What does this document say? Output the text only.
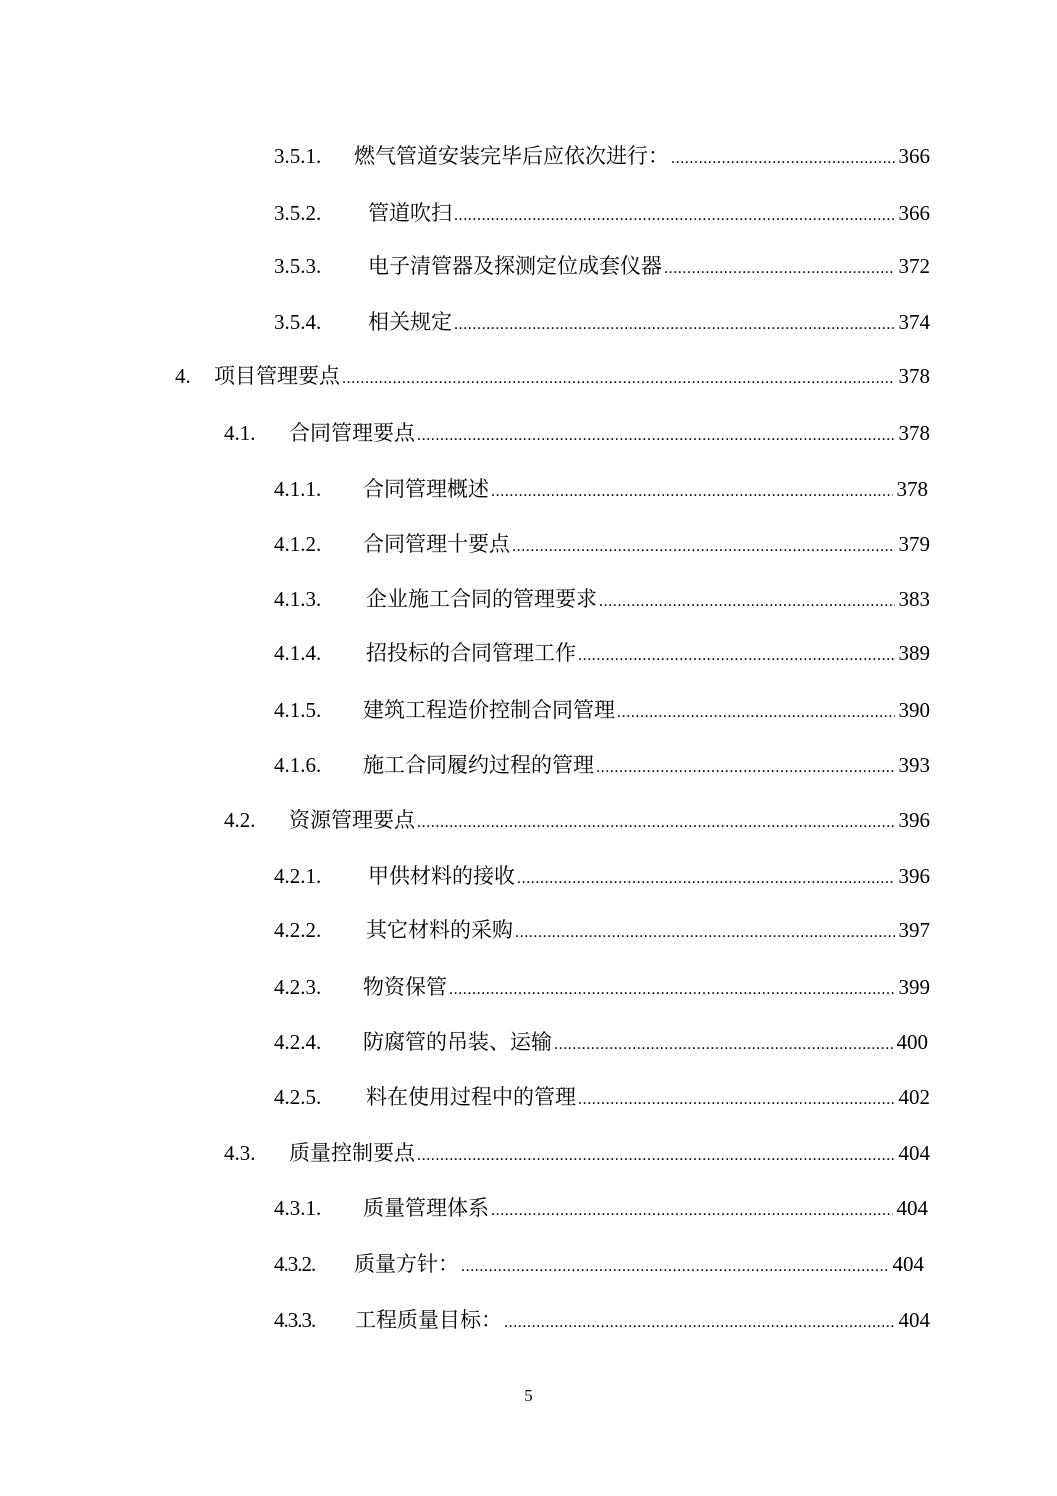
3.5.1.	燃气管道安装完毕后应依次进行： .....	366
3.5.2.	管道吹扫 .....	366
3.5.3.	电子清管器及探测定位成套仪器 .....	372
3.5.4.	相关规定 .....	374
4.	项目管理要点 .....	378
4.1.	合同管理要点 .....	378
4.1.1.	合同管理概述 .....	378
4.1.2.	合同管理十要点 .....	379
4.1.3.	企业施工合同的管理要求 .....	383
4.1.4.	招投标的合同管理工作 .....	389
4.1.5.	建筑工程造价控制合同管理 .....	390
4.1.6.	施工合同履约过程的管理 .....	393
4.2.	资源管理要点 .....	396
4.2.1.	甲供材料的接收 .....	396
4.2.2.	其它材料的采购 .....	397
4.2.3.	物资保管 .....	399
4.2.4.	防腐管的吊装、运输 .....	400
4.2.5.	料在使用过程中的管理 .....	402
4.3.	质量控制要点 .....	404
4.3.1.	质量管理体系 .....	404
4.3.2.	质量方针： .....	404
4.3.3.	工程质量目标： .....	404
5
